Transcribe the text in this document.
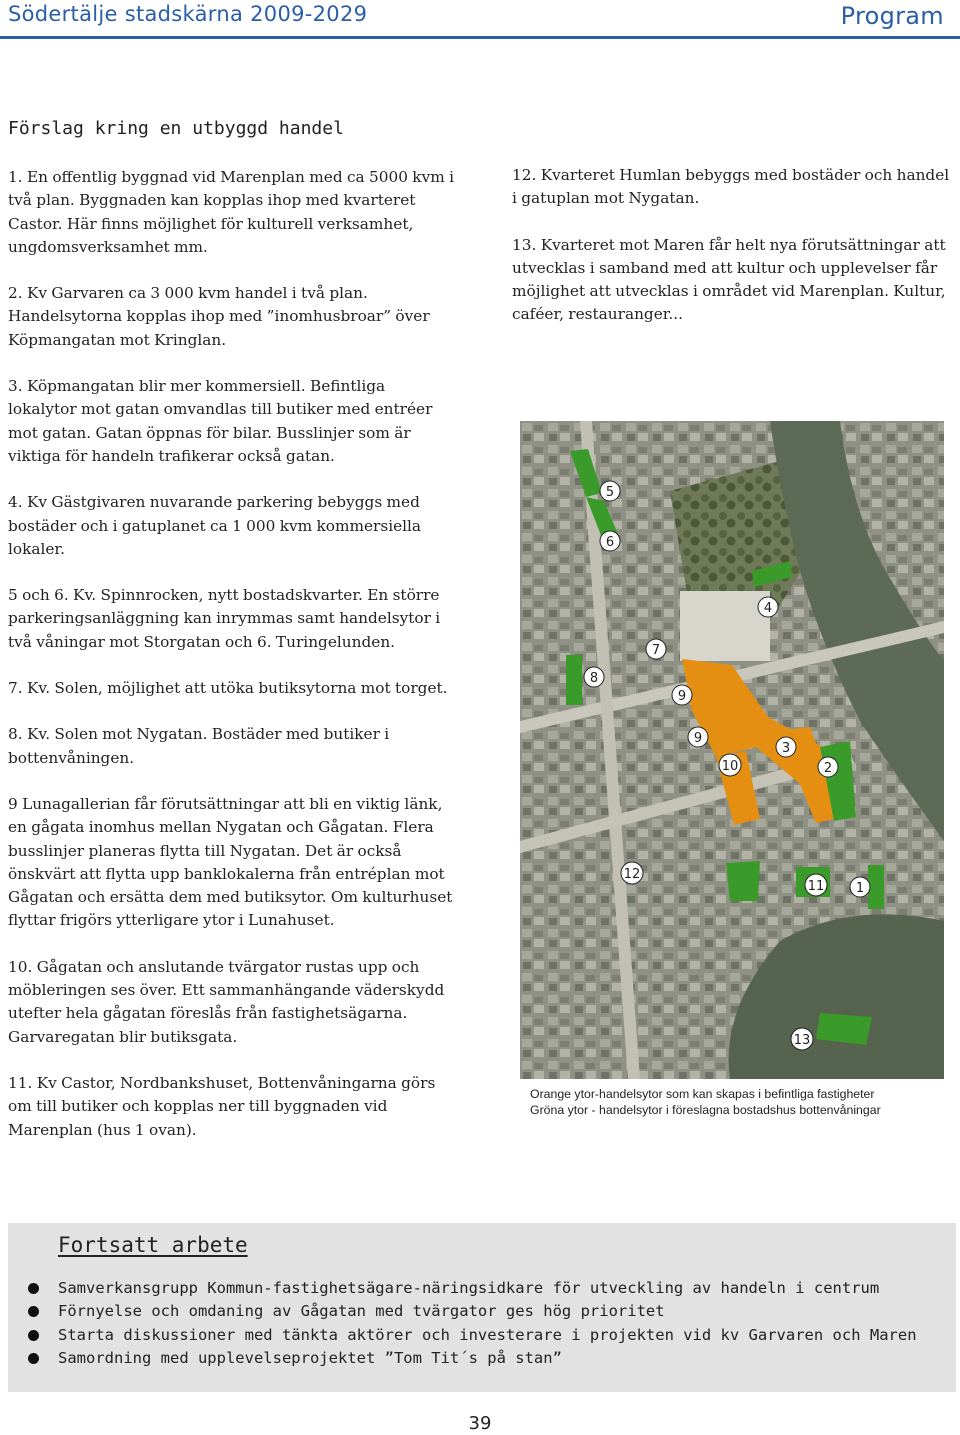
Södertälje stadskärna 2009-2029	Program
Förslag kring en utbyggd handel

1. En offentlig byggnad vid Marenplan med ca 5000 kvm i två plan. Byggnaden kan kopplas ihop med kvarteret Castor. Här finns möjlighet för kulturell verksamhet, ungdomsverksamhet mm.

2. Kv Garvaren ca 3 000 kvm handel i två plan. Handelsytorna kopplas ihop med ”inomhusbroar” över Köpmangatan mot Kringlan.

3. Köpmangatan blir mer kommersiell. Befintliga lokalytor mot gatan omvandlas till butiker med entréer mot gatan. Gatan öppnas för bilar. Busslinjer som är viktiga för handeln trafikerar också gatan.

4. Kv Gästgivaren nuvarande parkering bebyggs med bostäder och i gatuplanet ca 1 000 kvm kommersiella lokaler.

5 och 6. Kv. Spinnrocken, nytt bostadskvarter. En större parkeringsanläggning kan inrymmas samt handelsytor i två våningar mot Storgatan och 6. Turingelunden.

7. Kv. Solen, möjlighet att utöka butiksytorna mot torget.

8. Kv. Solen mot Nygatan. Bostäder med butiker i bottenvåningen.

9 Lunagallerian får förutsättningar att bli en viktig länk, en gågata inomhus mellan Nygatan och Gågatan. Flera busslinjer planeras flytta till Nygatan. Det är också önskvärt att flytta upp banklokalerna från entréplan mot Gågatan och ersätta dem med butiksytor. Om kulturhuset flyttar frigörs ytterligare ytor i Lunahuset.

10. Gågatan och anslutande tvärgator rustas upp och möbleringen ses över. Ett sammanhängande väderskydd utefter hela gågatan föreslås från fastighetsägarna. Garvaregatan blir butiksgata.

11. Kv Castor, Nordbankshuset, Bottenvåningarna görs om till butiker och kopplas ner till byggnaden vid Marenplan (hus 1 ovan).

12. Kvarteret Humlan bebyggs med bostäder och handel i gatuplan mot Nygatan.

13. Kvarteret mot Maren får helt nya förutsättningar att utvecklas i samband med att kultur och upplevelser får möjlighet att utvecklas i området vid Marenplan. Kultur, caféer, restauranger...

5
6
4
7
8
9
9
10
3
2
12
11 1
13
Orange ytor-handelsytor som kan skapas i befintliga fastigheter
Gröna ytor - handelsytor i föreslagna bostadshus bottenvåningar
Fortsatt arbete
Samverkansgrupp Kommun-fastighetsägare-näringsidkare för utveckling av handeln i centrum
Förnyelse och omdaning av Gågatan med tvärgator ges hög prioritet
Starta diskussioner med tänkta aktörer och investerare i projekten vid kv Garvaren och Maren
Samordning med upplevelseprojektet ”Tom Tit´s på stan”
39
